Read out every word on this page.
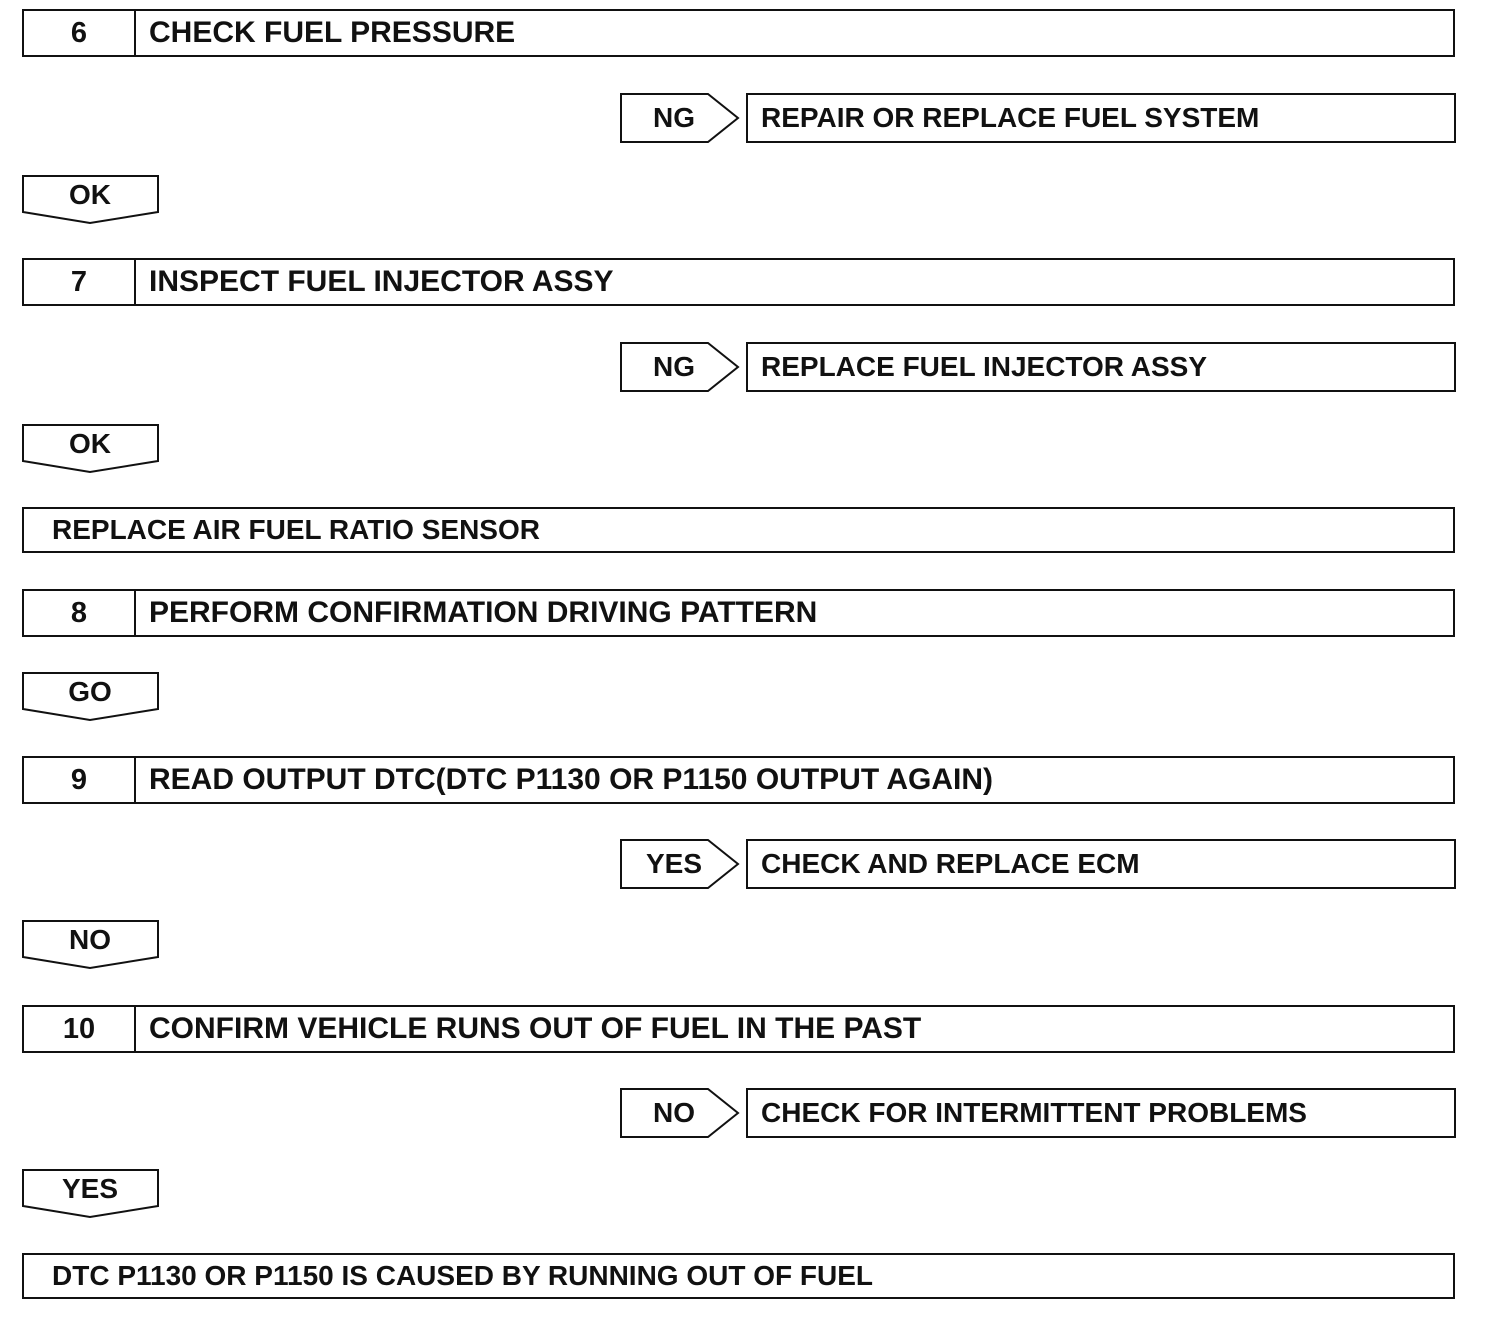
6	CHECK FUEL PRESSURE
NG	REPAIR OR REPLACE FUEL SYSTEM
OK
7	INSPECT FUEL INJECTOR ASSY
NG	REPLACE FUEL INJECTOR ASSY
OK
REPLACE AIR FUEL RATIO SENSOR
8	PERFORM CONFIRMATION DRIVING PATTERN
GO
9	READ OUTPUT DTC(DTC P1130 OR P1150 OUTPUT AGAIN)
YES	CHECK AND REPLACE ECM
NO
10	CONFIRM VEHICLE RUNS OUT OF FUEL IN THE PAST
NO	CHECK FOR INTERMITTENT PROBLEMS
YES
DTC P1130 OR P1150 IS CAUSED BY RUNNING OUT OF FUEL
